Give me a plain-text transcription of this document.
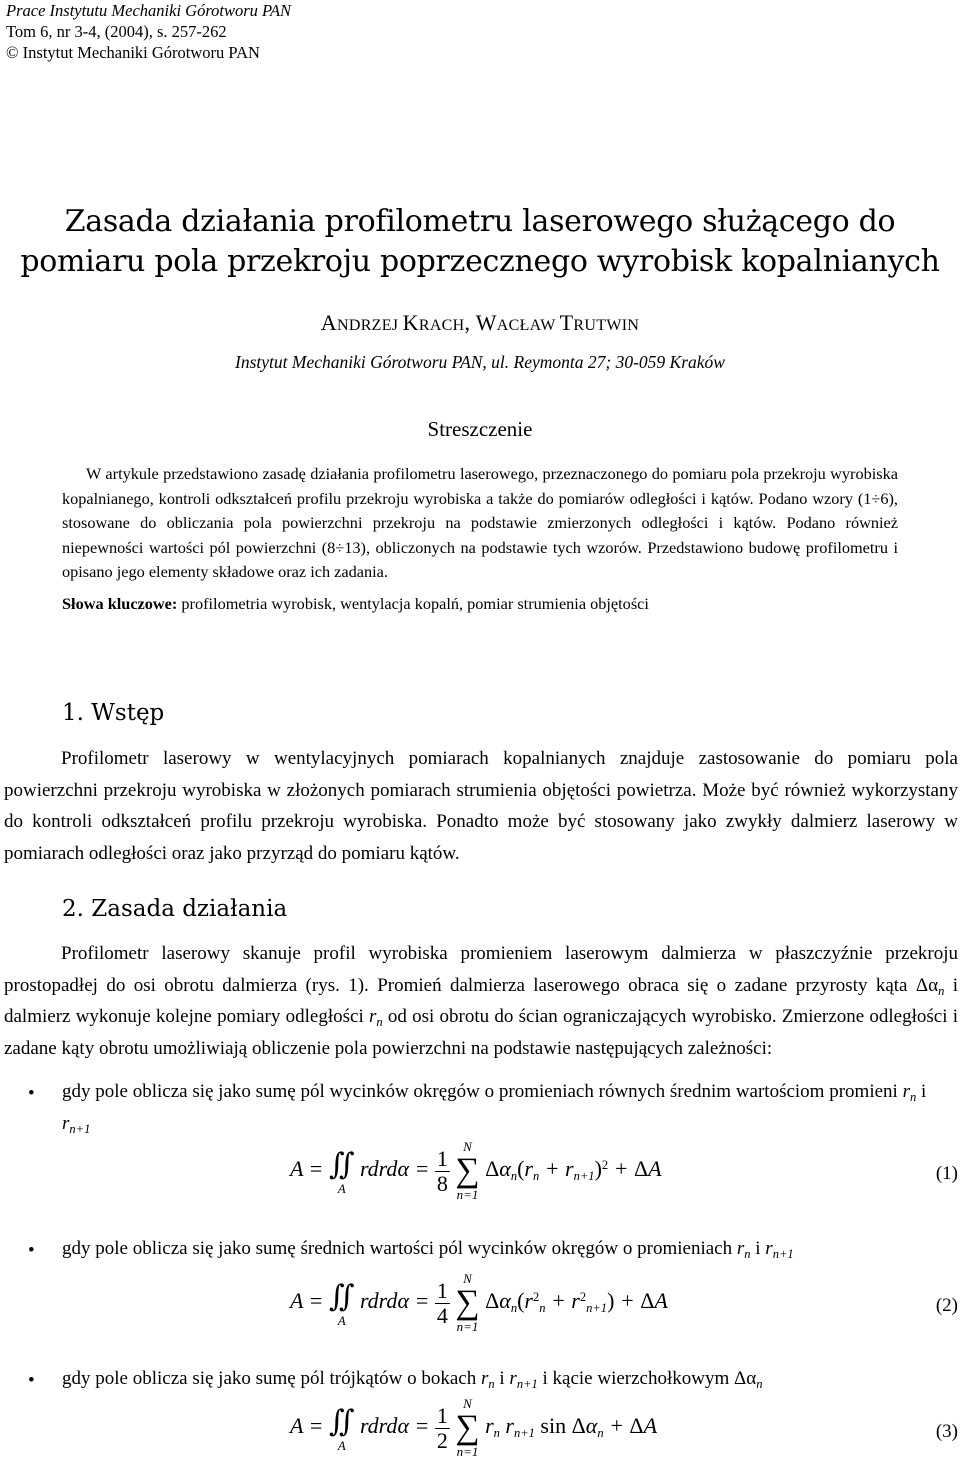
Prace Instytutu Mechaniki Górotworu PAN
Tom 6, nr 3-4, (2004), s. 257-262
© Instytut Mechaniki Górotworu PAN
Zasada działania profilometru laserowego służącego do
pomiaru pola przekroju poprzecznego wyrobisk kopalnianych
ANDRZEJ KRACH, WACŁAW TRUTWIN
Instytut Mechaniki Górotworu PAN, ul. Reymonta 27; 30-059 Kraków
Streszczenie
W artykule przedstawiono zasadę działania profilometru laserowego, przeznaczonego do pomiaru pola przekroju wyrobiska kopalnianego, kontroli odkształceń profilu przekroju wyrobiska a także do pomiarów odległości i kątów. Podano wzory (1÷6), stosowane do obliczania pola powierzchni przekroju na podstawie zmierzonych odległości i kątów. Podano również niepewności wartości pól powierzchni (8÷13), obliczonych na podstawie tych wzorów. Przedstawiono budowę profilometru i opisano jego elementy składowe oraz ich zadania.
Słowa kluczowe: profilometria wyrobisk, wentylacja kopalń, pomiar strumienia objętości
1. Wstęp
Profilometr laserowy w wentylacyjnych pomiarach kopalnianych znajduje zastosowanie do pomiaru pola powierzchni przekroju wyrobiska w złożonych pomiarach strumienia objętości powietrza. Może być również wykorzystany do kontroli odkształceń profilu przekroju wyrobiska. Ponadto może być stosowany jako zwykły dalmierz laserowy w pomiarach odległości oraz jako przyrząd do pomiaru kątów.
2. Zasada działania
Profilometr laserowy skanuje profil wyrobiska promieniem laserowym dalmierza w płaszczyźnie przekroju prostopadłej do osi obrotu dalmierza (rys. 1). Promień dalmierza laserowego obraca się o zadane przyrosty kąta $\Delta\alpha_n$ i dalmierz wykonuje kolejne pomiary odległości $r_n$ od osi obrotu do ścian ograniczających wyrobisko. Zmierzone odległości i zadane kąty obrotu umożliwiają obliczenie pola powierzchni na podstawie następujących zależności:
• gdy pole oblicza się jako sumę pól wycinków okręgów o promieniach równych średnim wartościom promieni $r_n$ i $r_{n+1}$
A = ∬
A
rdrdα = $\frac{1}{8}$
	N
∑
n=1
$\Delta\alpha_n(r_n + r_{n+1})^2 + \Delta A$	(1)
• gdy pole oblicza się jako sumę średnich wartości pól wycinków okręgów o promieniach $r_n$ i $r_{n+1}$
A = ∬
A
rdrdα = $\frac{1}{4}$
	N
∑
n=1
$\Delta\alpha_n(r^2_n + r^2_{n+1}) + \Delta A$	(2)
• gdy pole oblicza się jako sumę pól trójkątów o bokach $r_n$ i $r_{n+1}$ i kącie wierzchołkowym $\Delta\alpha_n$
A = ∬
A
rdrdα = $\frac{1}{2}$
	N
∑
n=1
$r_n$ $r_{n+1}$ $\sin \Delta\alpha_n + \Delta A$	(3)
